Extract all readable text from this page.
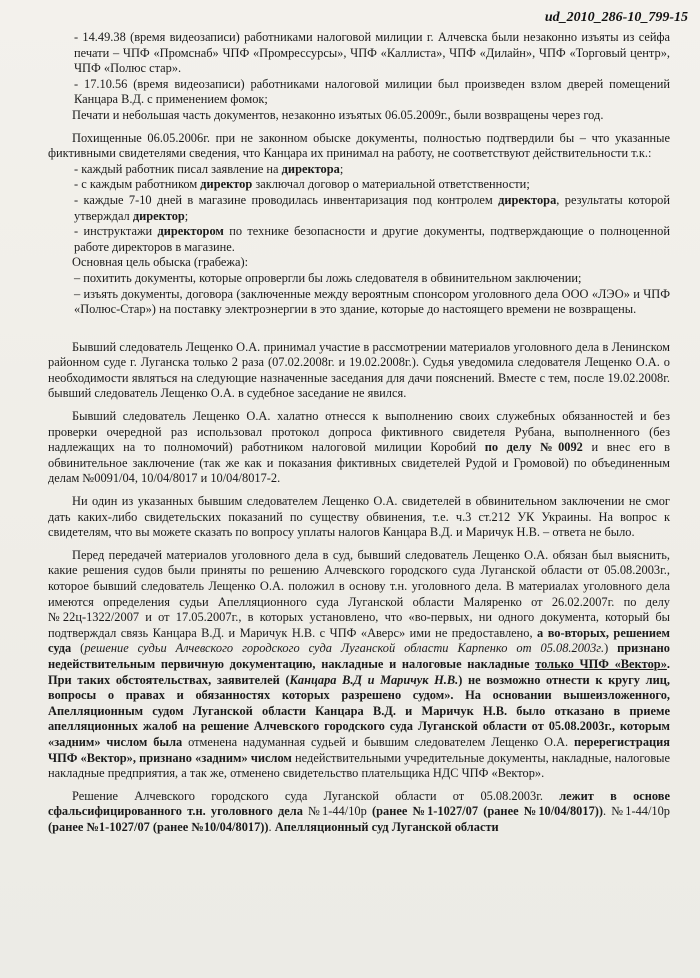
ud_2010_286-10_799-15

- 14.49.38 (время видеозаписи) работниками налоговой милиции г. Алчевска были незаконно изъяты из сейфа печати – ЧПФ «Промснаб» ЧПФ «Промрессурсы», ЧПФ «Каллиста», ЧПФ «Дилайн», ЧПФ «Торговый центр», ЧПФ «Полюс стар».

- 17.10.56 (время видеозаписи) работниками налоговой милиции был произведен взлом дверей помещений Канцара В.Д. с применением фомок;

Печати и небольшая часть документов, незаконно изъятых 06.05.2009г., были возвращены через год.

Похищенные 06.05.2006г. при не законном обыске документы, полностью подтвердили бы – что указанные фиктивными свидетелями сведения, что Канцара их принимал на работу, не соответствуют действительности т.к.:

- каждый работник писал заявление на директора;

- с каждым работником директор заключал договор о материальной ответственности;

- каждые 7-10 дней в магазине проводилась инвентаризация под контролем директора, результаты которой утверждал директор;

- инструктажи директором по технике безопасности и другие документы, подтверждающие о полноценной работе директоров в магазине.

Основная цель обыска (грабежа):

– похитить документы, которые опровергли бы ложь следователя в обвинительном заключении;

– изъять документы, договора (заключенные между вероятным спонсором уголовного дела ООО «ЛЭО» и ЧПФ «Полюс-Стар») на поставку электроэнергии в это здание, которые до настоящего времени не возвращены.

Бывший следователь Лещенко О.А. принимал участие в рассмотрении материалов уголовного дела в Ленинском районном суде г. Луганска только 2 раза (07.02.2008г. и 19.02.2008г.). Судья уведомила следователя Лещенко О.А. о необходимости являться на следующие назначенные заседания для дачи пояснений. Вместе с тем, после 19.02.2008г. бывший следователь Лещенко О.А. в судебное заседание не явился.

Бывший следователь Лещенко О.А. халатно отнесся к выполнению своих служебных обязанностей и без проверки очередной раз использовал протокол допроса фиктивного свидетеля Рубана, выполненного (без надлежащих на то полномочий) работником налоговой милиции Коробий по делу №0092 и внес его в обвинительное заключение (так же как и показания фиктивных свидетелей Рудой и Громовой) по объединенным делам №0091/04, 10/04/8017 и 10/04/8017-2.

Ни один из указанных бывшим следователем Лещенко О.А. свидетелей в обвинительном заключении не смог дать каких-либо свидетельских показаний по существу обвинения, т.е. ч.3 ст.212 УК Украины. На вопрос к свидетелям, что вы можете сказать по вопросу уплаты налогов Канцара В.Д. и Маричук Н.В. – ответа не было.

Перед передачей материалов уголовного дела в суд, бывший следователь Лещенко О.А. обязан был выяснить, какие решения судов были приняты по решению Алчевского городского суда Луганской области от 05.08.2003г., которое бывший следователь Лещенко О.А. положил в основу т.н. уголовного дела. В материалах уголовного дела имеются определения судьи Апелляционного суда Луганской области Маляренко от 26.02.2007г. по делу №22ц-1322/2007 и от 17.05.2007г., в которых установлено, что «во-первых, ни одного документа, который бы подтверждал связь Канцара В.Д. и Маричук Н.В. с ЧПФ «Аверс» ими не предоставлено, а во-вторых, решением суда (решение судьи Алчевского городского суда Луганской области Карпенко от 05.08.2003г.) признано недействительным первичную документацию, накладные и налоговые накладные только ЧПФ «Вектор». При таких обстоятельствах, заявителей (Канцара В.Д и Маричук Н.В.) не возможно отнести к кругу лиц, вопросы о правах и обязанностях которых разрешено судом». На основании вышеизложенного, Апелляционным судом Луганской области Канцара В.Д. и Маричук Н.В. было отказано в приеме апелляционных жалоб на решение Алчевского городского суда Луганской области от 05.08.2003г., которым «задним» числом была отменена надуманная судьей и бывшим следователем Лещенко О.А. перерегистрация ЧПФ «Вектор», признано «задним» числом недействительными учредительные документы, накладные, налоговые накладные предприятия, а так же, отменено свидетельство плательщика НДС ЧПФ «Вектор».

Решение Алчевского городского суда Луганской области от 05.08.2003г. лежит в основе сфальсифицированного т.н. уголовного дела №1-44/10р (ранее №1-1027/07 (ранее №10/04/8017)). №1-44/10р (ранее №1-1027/07 (ранее №10/04/8017)). Апелляционный суд Луганской области
